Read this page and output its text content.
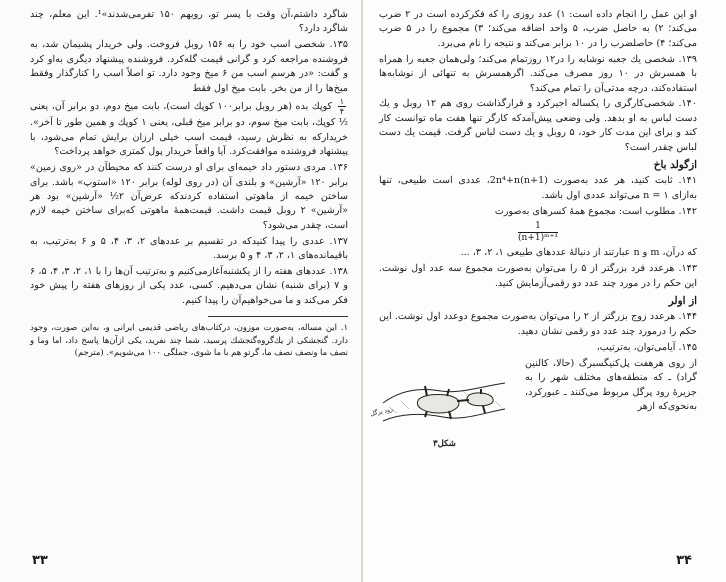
شاگرد داشتم،آن وقت با پسر تو، رویهم ۱۵۰ تفرمی‌شدند»¹. این معلم، چند شاگرد دارد؟

۱۳۵. شخصی اسب خود را به ۱۵۶ روبل فروخت. ولی خریدار پشیمان شد، به فروشنده مراجعه کرد و گرانی قیمت گله‌کرد. فروشنده پیشنهاد دیگری به‌او کرد و گفت: «در هرسم اسب من ۶ میخ وجود دارد. تو اصلاً اسب را کنارگذار وفقط میخ‌ها را از من بخر. بابت میخ اول فقط

$\frac{۱}{۴}$
کوپك بده (هر روبل برابر۱۰۰ کوپك است)، بابت میخ دوم، دو برابر آن، یعنی ¹⁄₂ کوپك، بابت میخ سوم، دو برابر میخ قبلی، یعنی ۱ کوپك و همین طور تا آخر». خریدارکه به نظرش رسید، قیمت اسب خیلی ارزان برایش تمام می‌شود، با پیشنهاد فروشنده موافقت‌کرد. آیا واقعاً خریدار پول کمتری خواهد پرداخت؟

۱۳۶. مردی دستور داد خیمه‌ای برای او درست کنند که محیطآن در «روی زمین» برابر ۱۲۰ «آرشین» و بلندی آن (در روی لوله) برابر ۱۲۰ «استوپ» باشد. برای ساختن خیمه از ماهوتی استفاده کردندکه عرض‌آن ۲½ «آرشین» بود هر «آرشین» ۲ روبل قیمت داشت. قیمت‌همهٔ ماهوتی که‌برای ساختن خیمه لازم است، چقدر می‌شود؟

۱۳۷. عددی را پیدا کنیدکه در تقسیم بر عددهای ۲، ۳، ۴، ۵ و ۶ به‌ترتیب، به باقیمانده‌های ۱، ۲، ۳، ۴ و ۵ برسد.

۱۳۸. عددهای هفته را از یکشنبه‌آغازمی‌کنیم و به‌ترتیب آن‌ها را با ۱، ۲، ۳، ۴، ۵، ۶ و ۷ (برای شنبه) نشان می‌دهیم. کسی، عدد یکی از روزهای هفته را پیش خود فکر می‌کند و ما می‌خواهیم‌آن را پیدا کنیم.

۱. این مساله، به‌صورت موزون، درکتاب‌های ریاضی قدیمی ایرانی و، به‌این صورت، وجود دارد. گنجشکی از یك‌گروه‌گنجشك پرسید، شما چند نفرید، یکی ازآن‌ها پاسخ داد، اما وما و نصف ما ونصف نصف ما، گرتو هم با ما شوی، جملگی ۱۰۰ می‌شویم». (مترجم)

۳۳

او این عمل را انجام داده است: ۱) عدد روزی را که فکرکرده است در ۲ ضرب می‌کند؛ ۲) به حاصل ضرب، ۵ واحد اضافه می‌کند؛ ۳) مجموع را در ۵ ضرب می‌کند؛ ۴) حاصلضرب را در ۱۰ برابر می‌کند و نتیجه را نام می‌برد.

۱۳۹. شخصی یك جعبه نوشابه را در۱۲ روزتمام می‌کند؛ ولی‌همان جعبه را همراه با همسرش در ۱۰ روز مصرف می‌کند. اگرهمسرش به تنهائی از نوشابه‌ها استفاده‌کند، درچه مدتی‌آن را تمام می‌کند؟

۱۴۰. شخصی‌کارگری را یکساله اجیرکرد و قرارگذاشت روی هم ۱۲ روبل و یك دست لباس به او بدهد. ولی وضعی پیش‌آمدکه کارگر تنها هفت ماه توانست کار کند و برای این مدت کار خود، ۵ روبل و یك دست لباس گرفت. قیمت یك دست لباس چقدر است؟

ازگولد باخ

۱۴۱. ثابت کنید، هر عدد به‌صورت 2n⁴+n(n+1)، عددی است طبیعی، تنها به‌ازای n = ۱ می‌تواند عددی اول باشد.

۱۴۲. مطلوب است: مجموع همهٔ کسرهای به‌صورت

$\frac{1}{\text{(n+1)ᵐ⁺¹}}$

که درآن، m و n عبارتند از دنبالهٔ عددهای طبیعی ۱، ۲، ۳، ...

۱۴۳. هرعدد فرد بزرگتر از ۵ را می‌توان به‌صورت مجموع سه عدد اول نوشت. این حکم را در مورد چند عدد دو رقمی‌آزمایش کنید.

از اولر

۱۴۴. هرعدد زوج بزرگتر از ۲ را می‌توان به‌صورت مجموع دوعدد اول نوشت. این حکم را درمورد چند عدد دو رقمی نشان دهید.

۱۴۵. آیامی‌توان، به‌ترتیب،

از روی هرهفت پل‌کنیگسبرگ (حالا، کالنین گراد) ـ که منطقه‌های مختلف شهر را به جزیرهٔ رود پرگل مربوط می‌کنند ـ عبورکرد، به‌نحوی‌که ازهر

رود پرگل
شکل۳
۳۴
